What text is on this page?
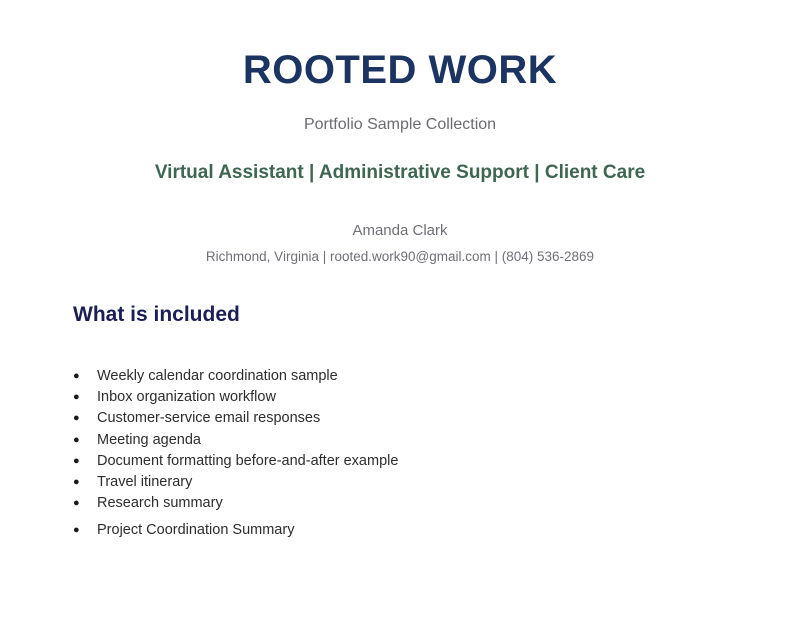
ROOTED WORK
Portfolio Sample Collection
Virtual Assistant | Administrative Support | Client Care
Amanda Clark
Richmond, Virginia | rooted.work90@gmail.com | (804) 536-2869
What is included
● Weekly calendar coordination sample
● Inbox organization workflow
● Customer-service email responses
● Meeting agenda
● Document formatting before-and-after example
● Travel itinerary
● Research summary
● Project Coordination Summary
